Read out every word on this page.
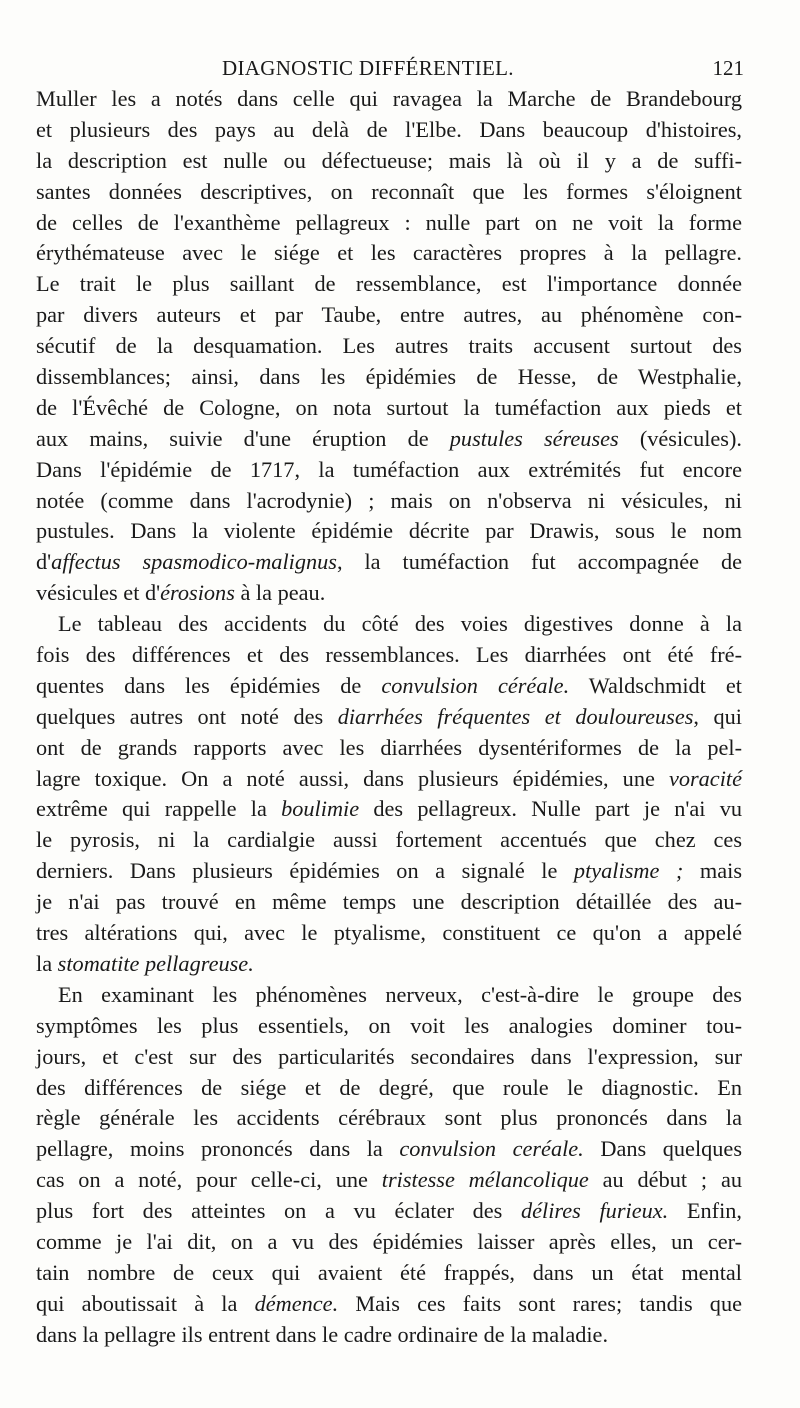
DIAGNOSTIC DIFFÉRENTIEL.	121
Muller les a notés dans celle qui ravagea la Marche de Brandebourg
et plusieurs des pays au delà de l'Elbe. Dans beaucoup d'histoires,
la description est nulle ou défectueuse; mais là où il y a de suffi-
santes données descriptives, on reconnaît que les formes s'éloignent
de celles de l'exanthème pellagreux : nulle part on ne voit la forme
érythémateuse avec le siége et les caractères propres à la pellagre.
Le trait le plus saillant de ressemblance, est l'importance donnée
par divers auteurs et par Taube, entre autres, au phénomène con-
sécutif de la desquamation. Les autres traits accusent surtout des
dissemblances; ainsi, dans les épidémies de Hesse, de Westphalie,
de l'Évêché de Cologne, on nota surtout la tuméfaction aux pieds et
aux mains, suivie d'une éruption de pustules séreuses (vésicules).
Dans l'épidémie de 1717, la tuméfaction aux extrémités fut encore
notée (comme dans l'acrodynie) ; mais on n'observa ni vésicules, ni
pustules. Dans la violente épidémie décrite par Drawis, sous le nom
d'affectus spasmodico-malignus, la tuméfaction fut accompagnée de
vésicules et d'érosions à la peau.
Le tableau des accidents du côté des voies digestives donne à la
fois des différences et des ressemblances. Les diarrhées ont été fré-
quentes dans les épidémies de convulsion céréale. Waldschmidt et
quelques autres ont noté des diarrhées fréquentes et douloureuses, qui
ont de grands rapports avec les diarrhées dysentériformes de la pel-
lagre toxique. On a noté aussi, dans plusieurs épidémies, une voracité
extrême qui rappelle la boulimie des pellagreux. Nulle part je n'ai vu
le pyrosis, ni la cardialgie aussi fortement accentués que chez ces
derniers. Dans plusieurs épidémies on a signalé le ptyalisme ; mais
je n'ai pas trouvé en même temps une description détaillée des au-
tres altérations qui, avec le ptyalisme, constituent ce qu'on a appelé
la stomatite pellagreuse.
En examinant les phénomènes nerveux, c'est-à-dire le groupe des
symptômes les plus essentiels, on voit les analogies dominer tou-
jours, et c'est sur des particularités secondaires dans l'expression, sur
des différences de siége et de degré, que roule le diagnostic. En
règle générale les accidents cérébraux sont plus prononcés dans la
pellagre, moins prononcés dans la convulsion ceréale. Dans quelques
cas on a noté, pour celle-ci, une tristesse mélancolique au début ; au
plus fort des atteintes on a vu éclater des délires furieux. Enfin,
comme je l'ai dit, on a vu des épidémies laisser après elles, un cer-
tain nombre de ceux qui avaient été frappés, dans un état mental
qui aboutissait à la démence. Mais ces faits sont rares; tandis que
dans la pellagre ils entrent dans le cadre ordinaire de la maladie.
